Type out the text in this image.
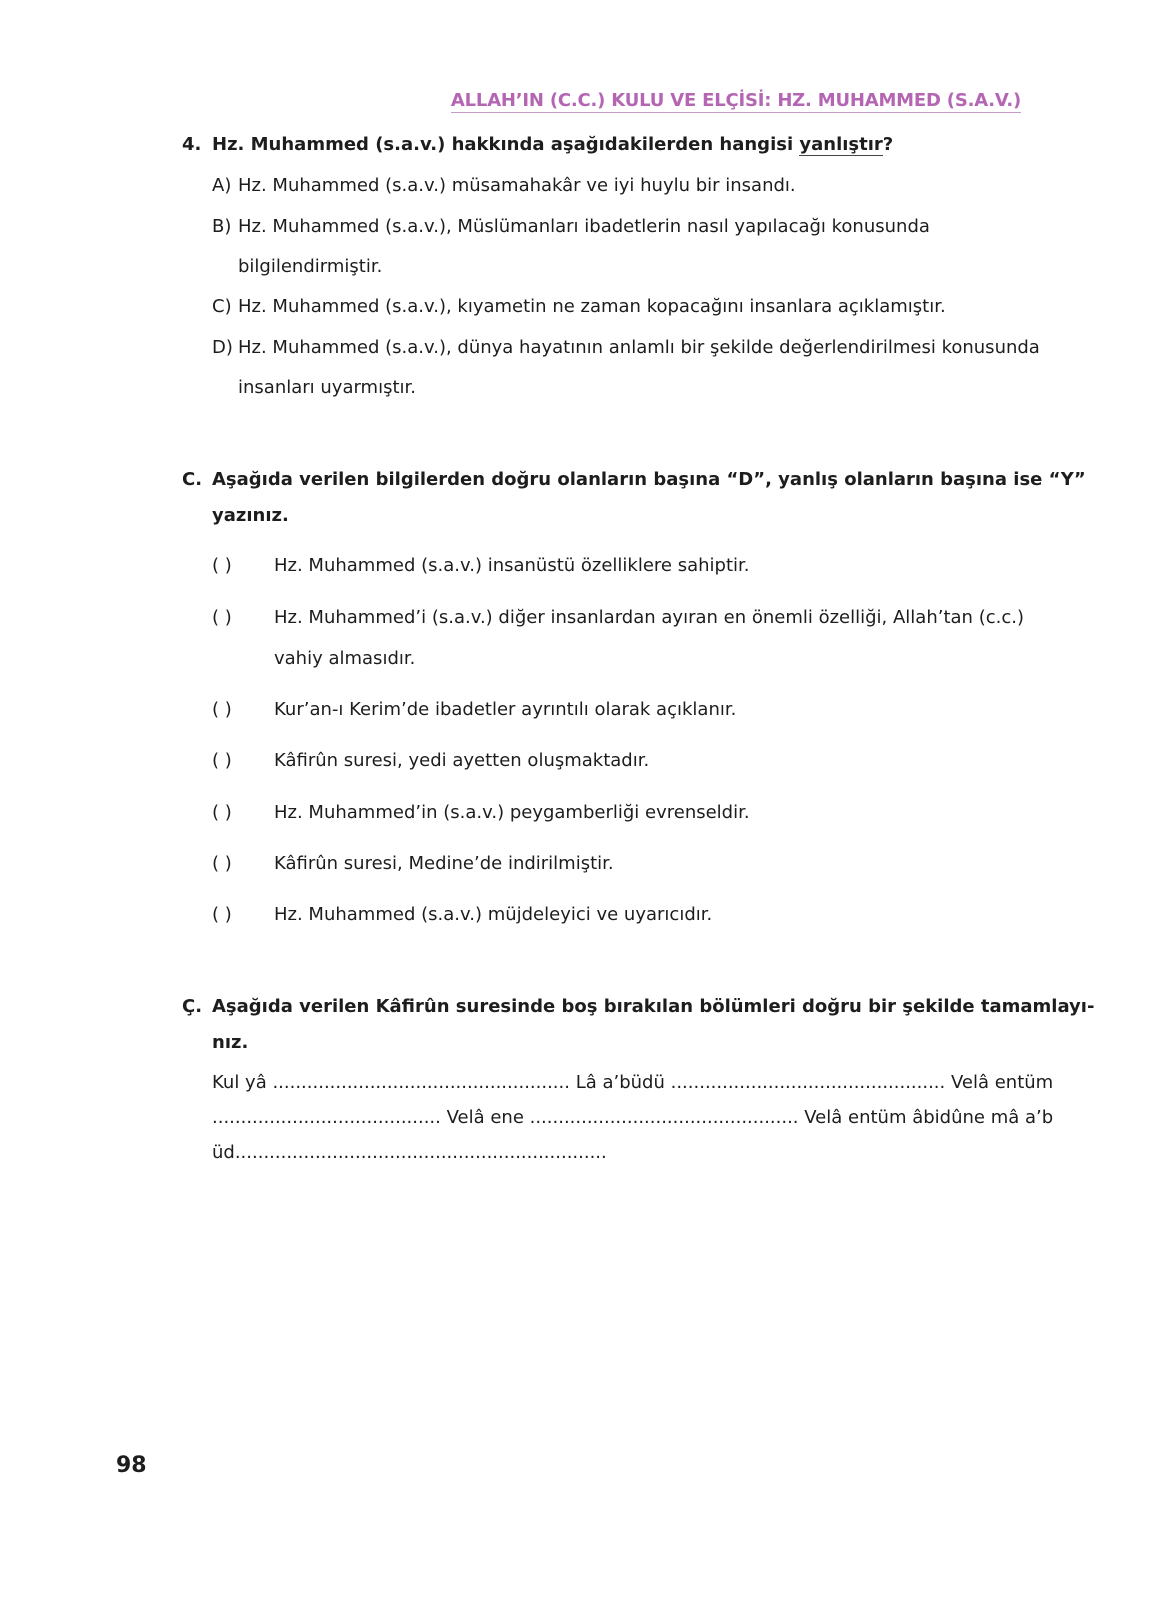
ALLAH’IN (C.C.) KULU VE ELÇİSİ: HZ. MUHAMMED (S.A.V.)
4. Hz. Muhammed (s.a.v.) hakkında aşağıdakilerden hangisi yanlıştır?
A) Hz. Muhammed (s.a.v.) müsamahakâr ve iyi huylu bir insandı.
B) Hz. Muhammed (s.a.v.), Müslümanları ibadetlerin nasıl yapılacağı konusunda
bilgilendirmiştir.
C) Hz. Muhammed (s.a.v.), kıyametin ne zaman kopacağını insanlara açıklamıştır.
D) Hz. Muhammed (s.a.v.), dünya hayatının anlamlı bir şekilde değerlendirilmesi konusunda
insanları uyarmıştır.
C. Aşağıda verilen bilgilerden doğru olanların başına “D”, yanlış olanların başına ise “Y”
yazınız.
( ) Hz. Muhammed (s.a.v.) insanüstü özelliklere sahiptir.
( ) Hz. Muhammed’i (s.a.v.) diğer insanlardan ayıran en önemli özelliği, Allah’tan (c.c.)
vahiy almasıdır.
( ) Kur’an-ı Kerim’de ibadetler ayrıntılı olarak açıklanır.
( ) Kâfirûn suresi, yedi ayetten oluşmaktadır.
( ) Hz. Muhammed’in (s.a.v.) peygamberliği evrenseldir.
( ) Kâfirûn suresi, Medine’de indirilmiştir.
( ) Hz. Muhammed (s.a.v.) müjdeleyici ve uyarıcıdır.
Ç. Aşağıda verilen Kâfirûn suresinde boş bırakılan bölümleri doğru bir şekilde tamamlayı-
nız.
Kul yâ .................................................... Lâ a’büdü ................................................ Velâ entüm
........................................ Velâ ene ............................................... Velâ entüm âbidûne mâ a’b
üd.................................................................
98
